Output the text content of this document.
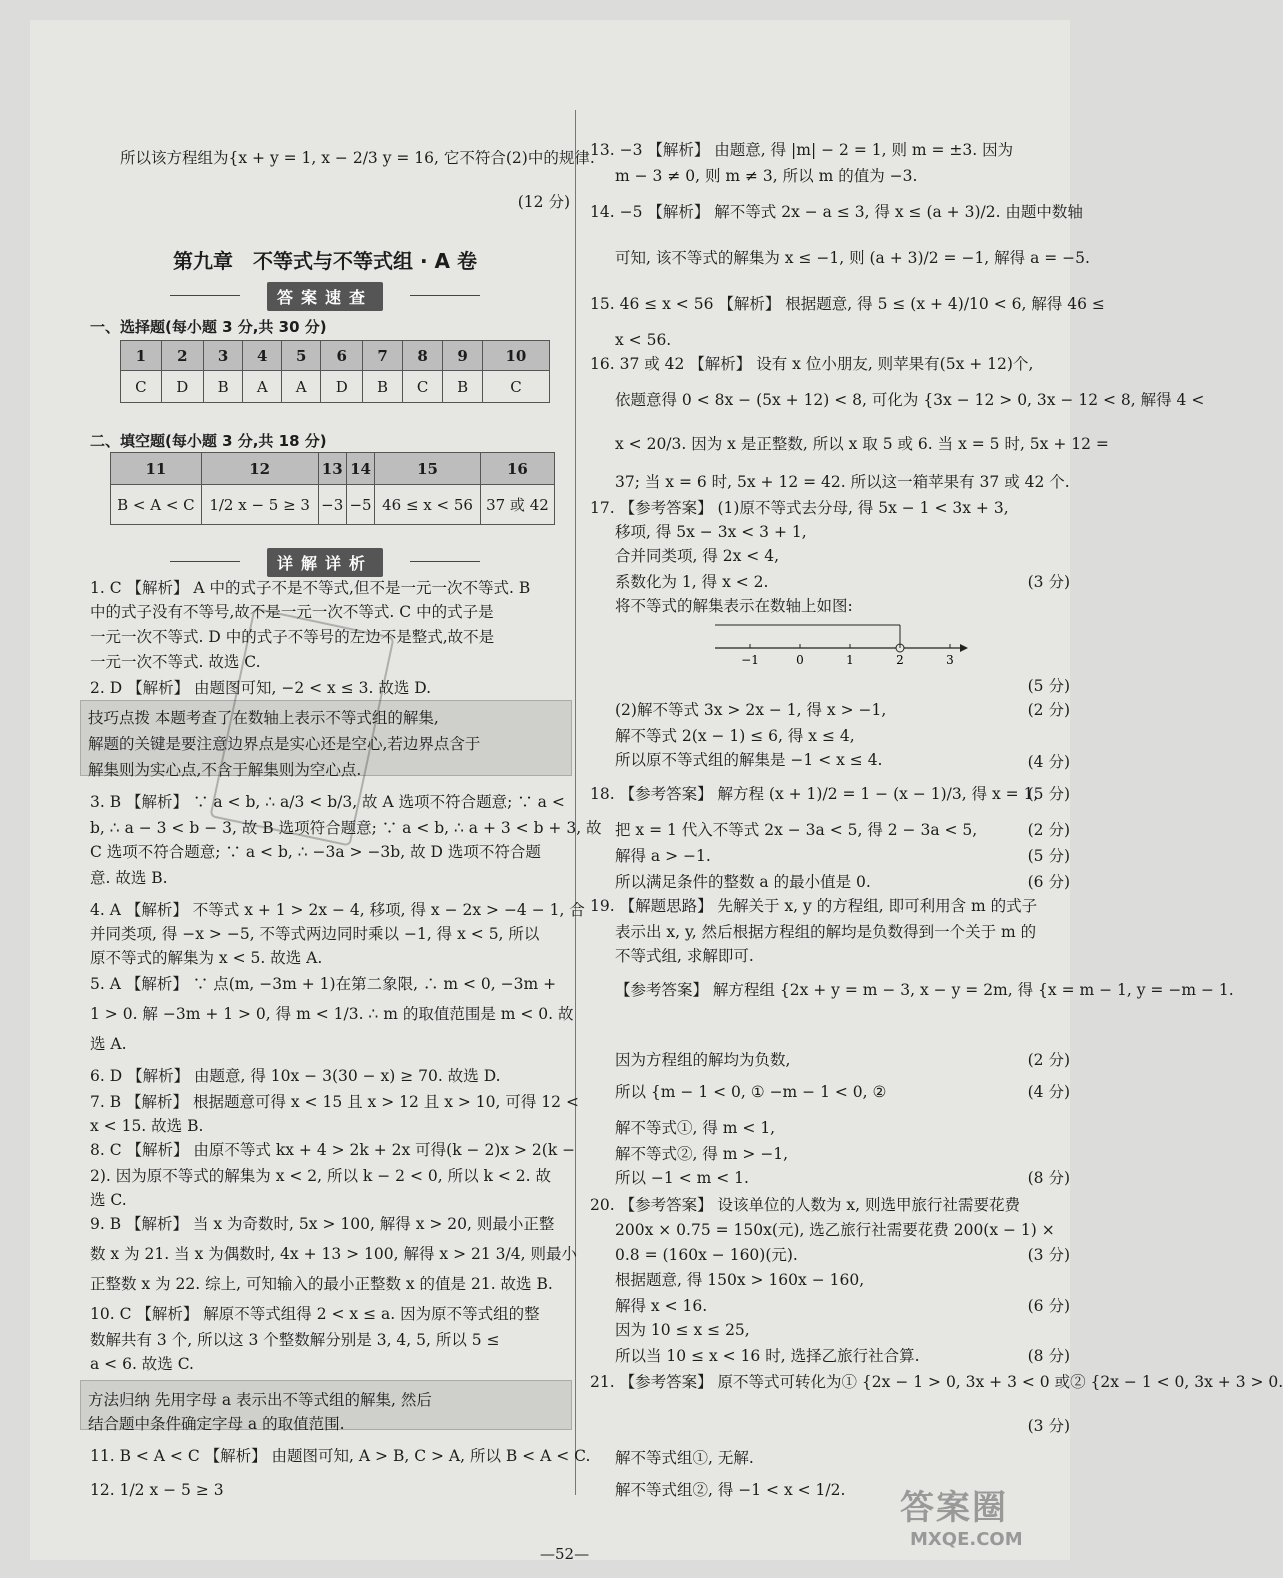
所以该方程组为{x + y = 1, x − 2/3 y = 16, 它不符合(2)中的规律.
(12 分)
第九章　不等式与不等式组 · A 卷
答案速查
一、选择题(每小题 3 分,共 30 分)
1	2	3	4	5	6	7	8	9	10
C	D	B	A	A	D	B	C	B	C
二、填空题(每小题 3 分,共 18 分)
11	12	13	14	15	16
B < A < C	1/2 x − 5 ≥ 3	−3	−5	46 ≤ x < 56	37 或 42
详解详析
1. C 【解析】 A 中的式子不是不等式,但不是一元一次不等式. B
中的式子没有不等号,故不是一元一次不等式. C 中的式子是
一元一次不等式. D 中的式子不等号的左边不是整式,故不是
一元一次不等式. 故选 C.
2. D 【解析】 由题图可知, −2 < x ≤ 3. 故选 D.
技巧点拨 本题考查了在数轴上表示不等式组的解集,
解题的关键是要注意边界点是实心还是空心,若边界点含于
解集则为实心点,不含于解集则为空心点.
3. B 【解析】 ∵ a < b, ∴ a/3 < b/3, 故 A 选项不符合题意; ∵ a <
b, ∴ a − 3 < b − 3, 故 B 选项符合题意; ∵ a < b, ∴ a + 3 < b + 3, 故
C 选项不符合题意; ∵ a < b, ∴ −3a > −3b, 故 D 选项不符合题
意. 故选 B.
4. A 【解析】 不等式 x + 1 > 2x − 4, 移项, 得 x − 2x > −4 − 1, 合
并同类项, 得 −x > −5, 不等式两边同时乘以 −1, 得 x < 5, 所以
原不等式的解集为 x < 5. 故选 A.
5. A 【解析】 ∵ 点(m, −3m + 1)在第二象限, ∴ m < 0, −3m +
1 > 0. 解 −3m + 1 > 0, 得 m < 1/3. ∴ m 的取值范围是 m < 0. 故
选 A.
6. D 【解析】 由题意, 得 10x − 3(30 − x) ≥ 70. 故选 D.
7. B 【解析】 根据题意可得 x < 15 且 x > 12 且 x > 10, 可得 12 <
x < 15. 故选 B.
8. C 【解析】 由原不等式 kx + 4 > 2k + 2x 可得(k − 2)x > 2(k −
2). 因为原不等式的解集为 x < 2, 所以 k − 2 < 0, 所以 k < 2. 故
选 C.
9. B 【解析】 当 x 为奇数时, 5x > 100, 解得 x > 20, 则最小正整
数 x 为 21. 当 x 为偶数时, 4x + 13 > 100, 解得 x > 21 3/4, 则最小
正整数 x 为 22. 综上, 可知输入的最小正整数 x 的值是 21. 故选 B.
10. C 【解析】 解原不等式组得 2 < x ≤ a. 因为原不等式组的整
数解共有 3 个, 所以这 3 个整数解分别是 3, 4, 5, 所以 5 ≤
a < 6. 故选 C.
方法归纳 先用字母 a 表示出不等式组的解集, 然后
结合题中条件确定字母 a 的取值范围.
11. B < A < C 【解析】 由题图可知, A > B, C > A, 所以 B < A < C.
12. 1/2 x − 5 ≥ 3
13. −3 【解析】 由题意, 得 |m| − 2 = 1, 则 m = ±3. 因为
m − 3 ≠ 0, 则 m ≠ 3, 所以 m 的值为 −3.
14. −5 【解析】 解不等式 2x − a ≤ 3, 得 x ≤ (a + 3)/2. 由题中数轴
可知, 该不等式的解集为 x ≤ −1, 则 (a + 3)/2 = −1, 解得 a = −5.
15. 46 ≤ x < 56 【解析】 根据题意, 得 5 ≤ (x + 4)/10 < 6, 解得 46 ≤
x < 56.
16. 37 或 42 【解析】 设有 x 位小朋友, 则苹果有(5x + 12)个,
依题意得 0 < 8x − (5x + 12) < 8, 可化为 {3x − 12 > 0, 3x − 12 < 8, 解得 4 <
x < 20/3. 因为 x 是正整数, 所以 x 取 5 或 6. 当 x = 5 时, 5x + 12 =
37; 当 x = 6 时, 5x + 12 = 42. 所以这一箱苹果有 37 或 42 个.
17. 【参考答案】 (1)原不等式去分母, 得 5x − 1 < 3x + 3,
移项, 得 5x − 3x < 3 + 1,
合并同类项, 得 2x < 4,
系数化为 1, 得 x < 2.
将不等式的解集表示在数轴上如图:
(2)解不等式 3x > 2x − 1, 得 x > −1,
解不等式 2(x − 1) ≤ 6, 得 x ≤ 4,
所以原不等式组的解集是 −1 < x ≤ 4.
18. 【参考答案】 解方程 (x + 1)/2 = 1 − (x − 1)/3, 得 x = 1,
把 x = 1 代入不等式 2x − 3a < 5, 得 2 − 3a < 5,
解得 a > −1.
所以满足条件的整数 a 的最小值是 0.
19. 【解题思路】 先解关于 x, y 的方程组, 即可利用含 m 的式子
表示出 x, y, 然后根据方程组的解均是负数得到一个关于 m 的
不等式组, 求解即可.
【参考答案】 解方程组 {2x + y = m − 3, x − y = 2m, 得 {x = m − 1, y = −m − 1.
因为方程组的解均为负数,
所以 {m − 1 < 0, ① −m − 1 < 0, ②
解不等式①, 得 m < 1,
解不等式②, 得 m > −1,
所以 −1 < m < 1.
20. 【参考答案】 设该单位的人数为 x, 则选甲旅行社需要花费
200x × 0.75 = 150x(元), 选乙旅行社需要花费 200(x − 1) ×
0.8 = (160x − 160)(元).
根据题意, 得 150x > 160x − 160,
解得 x < 16.
因为 10 ≤ x ≤ 25,
所以当 10 ≤ x < 16 时, 选择乙旅行社合算.
21. 【参考答案】 原不等式可转化为① {2x − 1 > 0, 3x + 3 < 0 或② {2x − 1 < 0, 3x + 3 > 0.
解不等式组①, 无解.
解不等式组②, 得 −1 < x < 1/2.
(3 分)
(5 分)
(2 分)
(4 分)
(5 分)
(2 分)
(5 分)
(6 分)
(2 分)
(4 分)
(8 分)
(3 分)
(6 分)
(8 分)
(3 分)
−1	0	1	2	3
—52—
答案圈
MXQE.COM
